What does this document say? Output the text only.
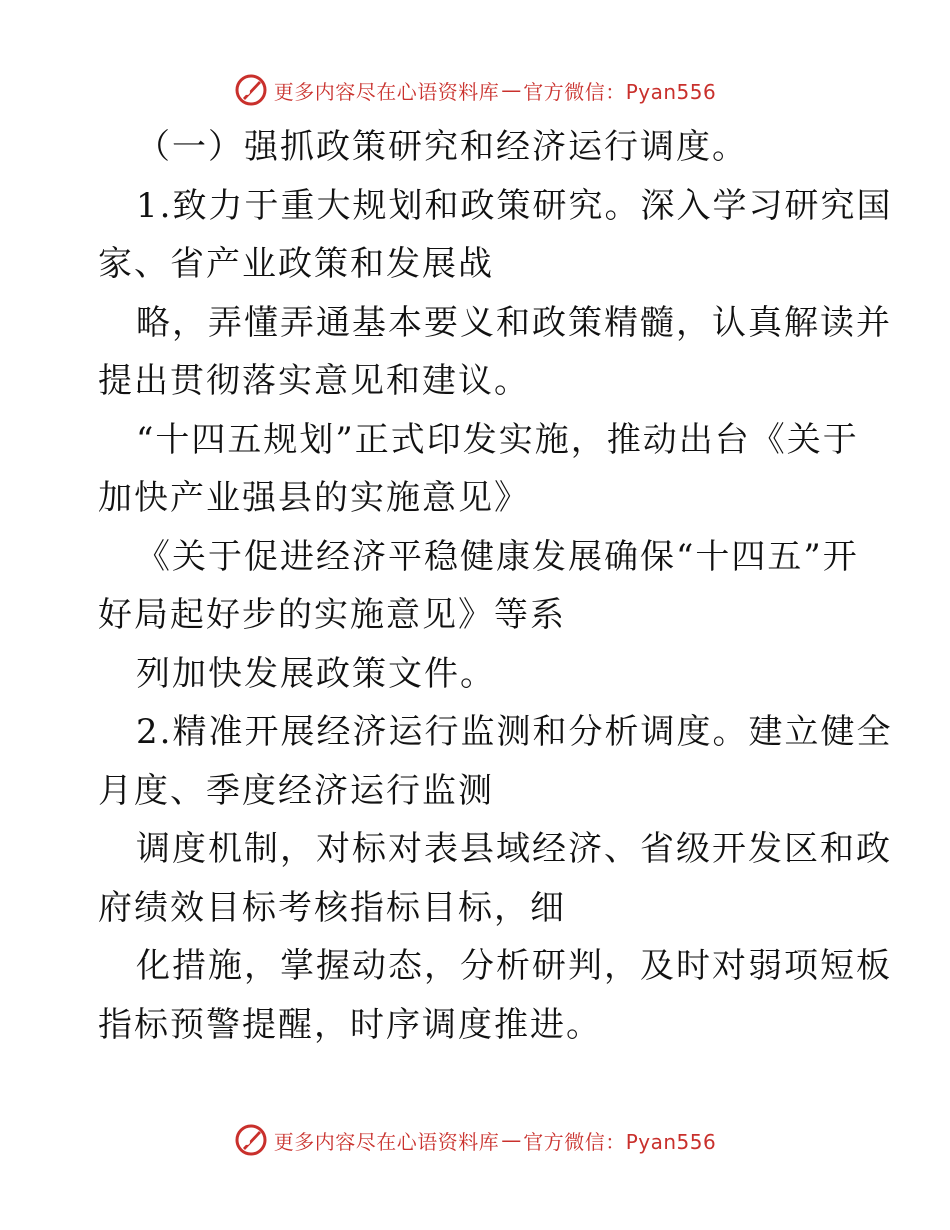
更多内容尽在心语资料库 — 官方微信：Pyan556
（一）强抓政策研究和经济运行调度。
1.致力于重大规划和政策研究。深入学习研究国
家、省产业政策和发展战
略，弄懂弄通基本要义和政策精髓，认真解读并
提出贯彻落实意见和建议。
“十四五规划”正式印发实施，推动出台《关于
加快产业强县的实施意见》
《关于促进经济平稳健康发展确保“十四五”开
好局起好步的实施意见》等系
列加快发展政策文件。
2.精准开展经济运行监测和分析调度。建立健全
月度、季度经济运行监测
调度机制，对标对表县域经济、省级开发区和政
府绩效目标考核指标目标，细
化措施，掌握动态，分析研判，及时对弱项短板
指标预警提醒，时序调度推进。
更多内容尽在心语资料库 — 官方微信：Pyan556
